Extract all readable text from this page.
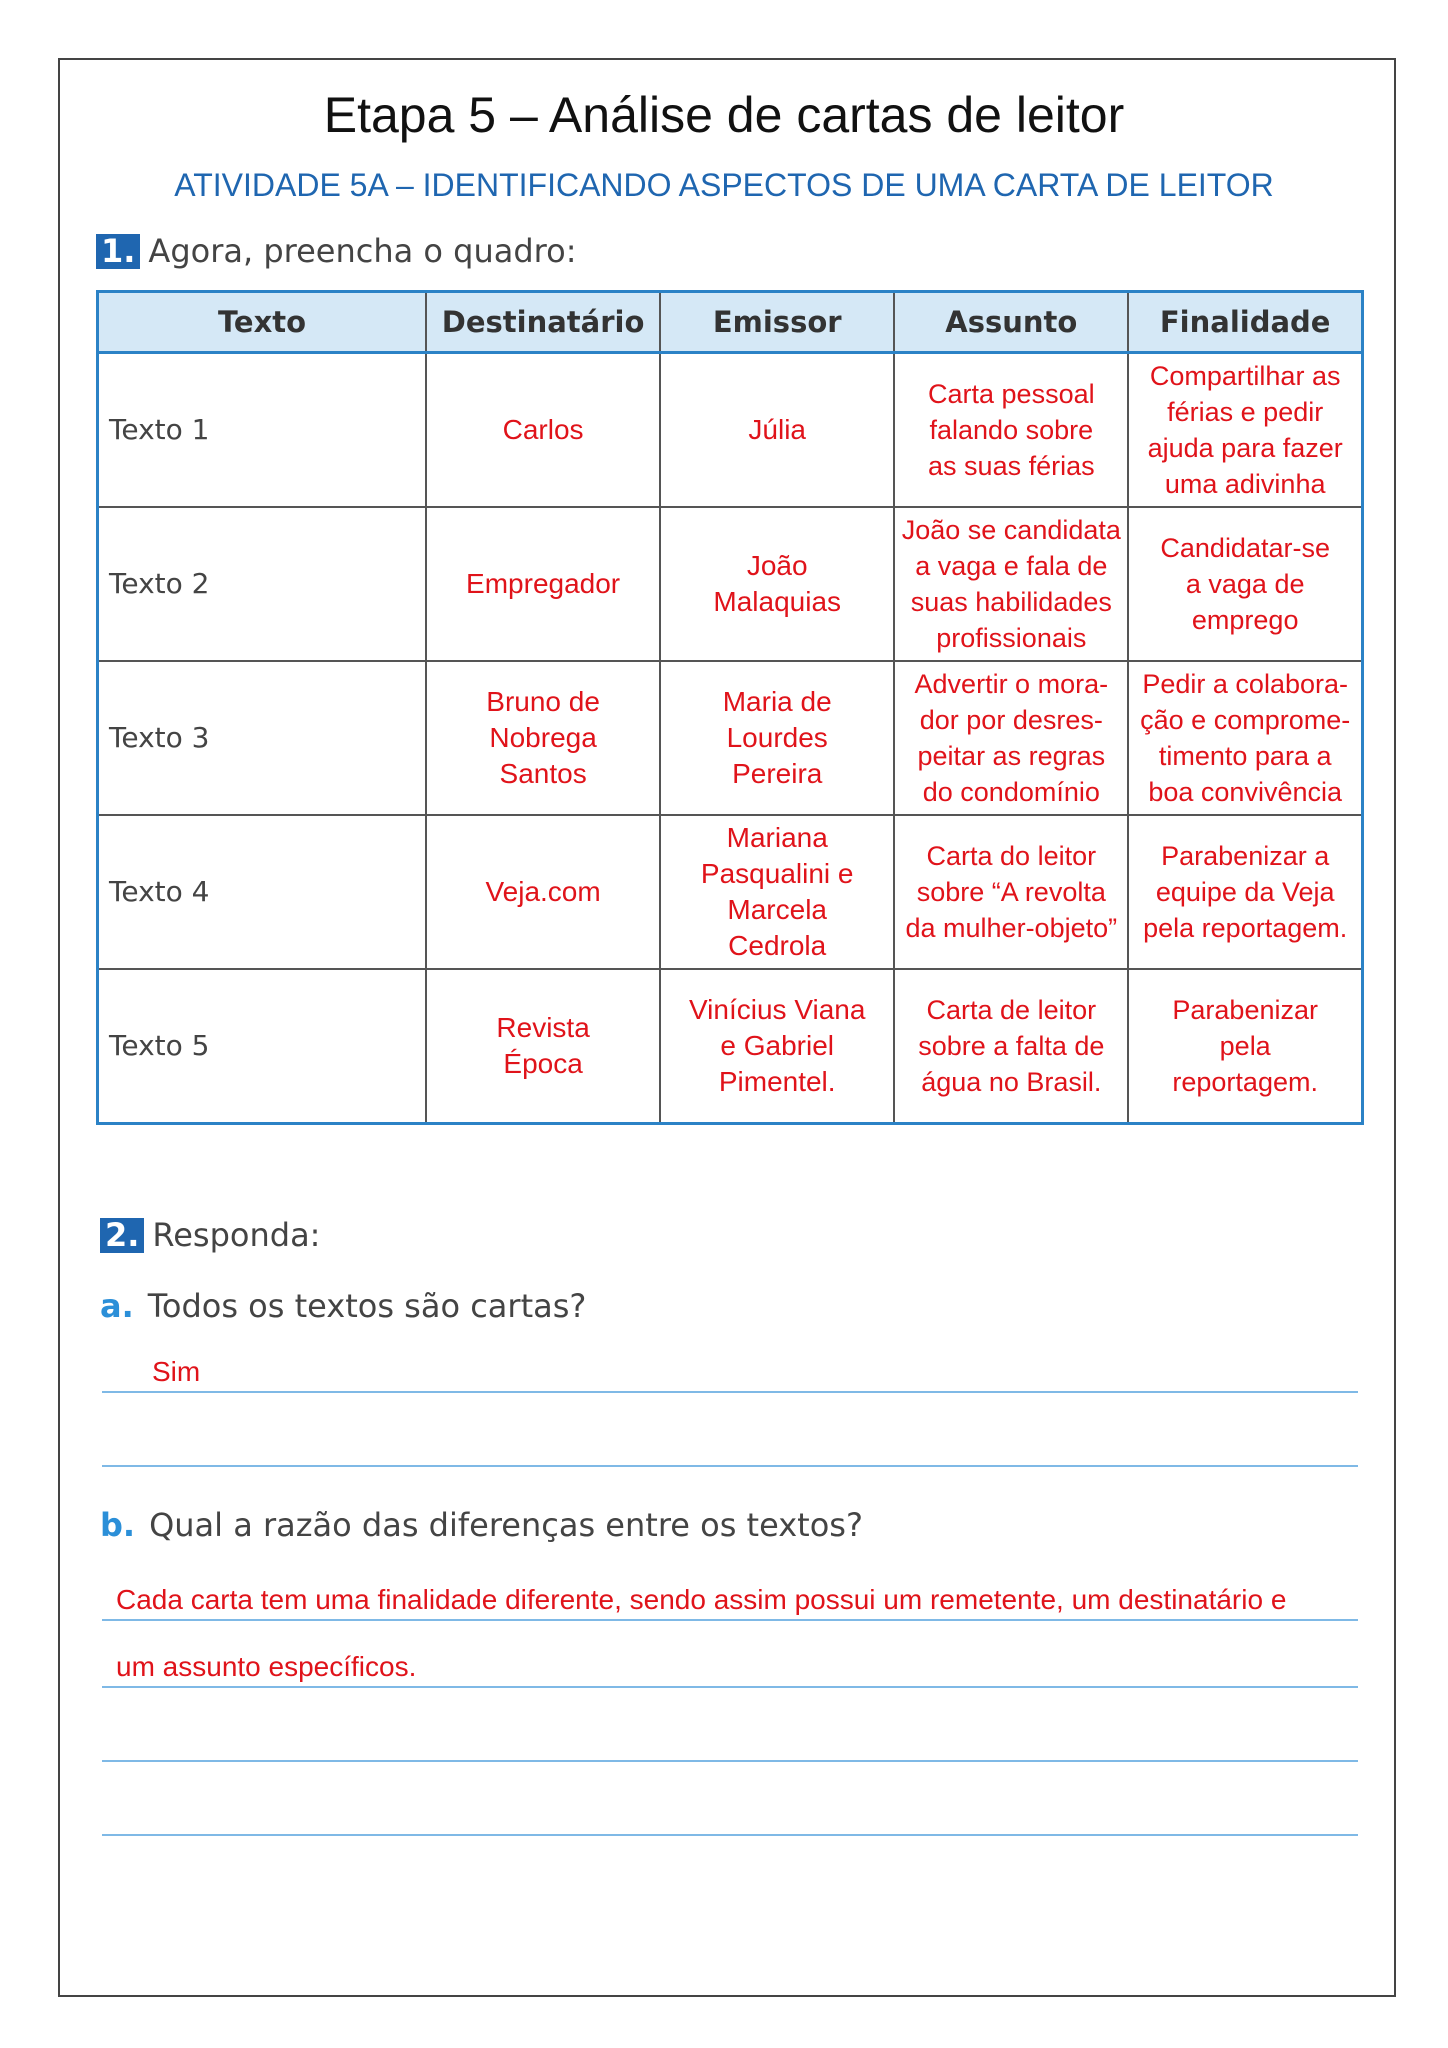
Etapa 5 – Análise de cartas de leitor
ATIVIDADE 5A – IDENTIFICANDO ASPECTOS DE UMA CARTA DE LEITOR
1. Agora, preencha o quadro:
Texto	Destinatário	Emissor	Assunto	Finalidade
Texto 1	Carlos	Júlia	Carta pessoal
falando sobre
as suas férias	Compartilhar as
férias e pedir
ajuda para fazer
uma adivinha
Texto 2	Empregador	João
Malaquias	João se candidata
a vaga e fala de
suas habilidades
profissionais	Candidatar-se
a vaga de
emprego
Texto 3	Bruno de
Nobrega
Santos	Maria de
Lourdes
Pereira	Advertir o mora-
dor por desres-
peitar as regras
do condomínio	Pedir a colabora-
ção e comprome-
timento para a
boa convivência
Texto 4	Veja.com	Mariana
Pasqualini e
Marcela
Cedrola	Carta do leitor
sobre “A revolta
da mulher-objeto”	Parabenizar a
equipe da Veja
pela reportagem.
Texto 5	Revista
Época	Vinícius Viana
e Gabriel
Pimentel.	Carta de leitor
sobre a falta de
água no Brasil.	Parabenizar
pela
reportagem.
2. Responda:
a. Todos os textos são cartas?
Sim
b. Qual a razão das diferenças entre os textos?
Cada carta tem uma finalidade diferente, sendo assim possui um remetente, um destinatário e
um assunto específicos.
